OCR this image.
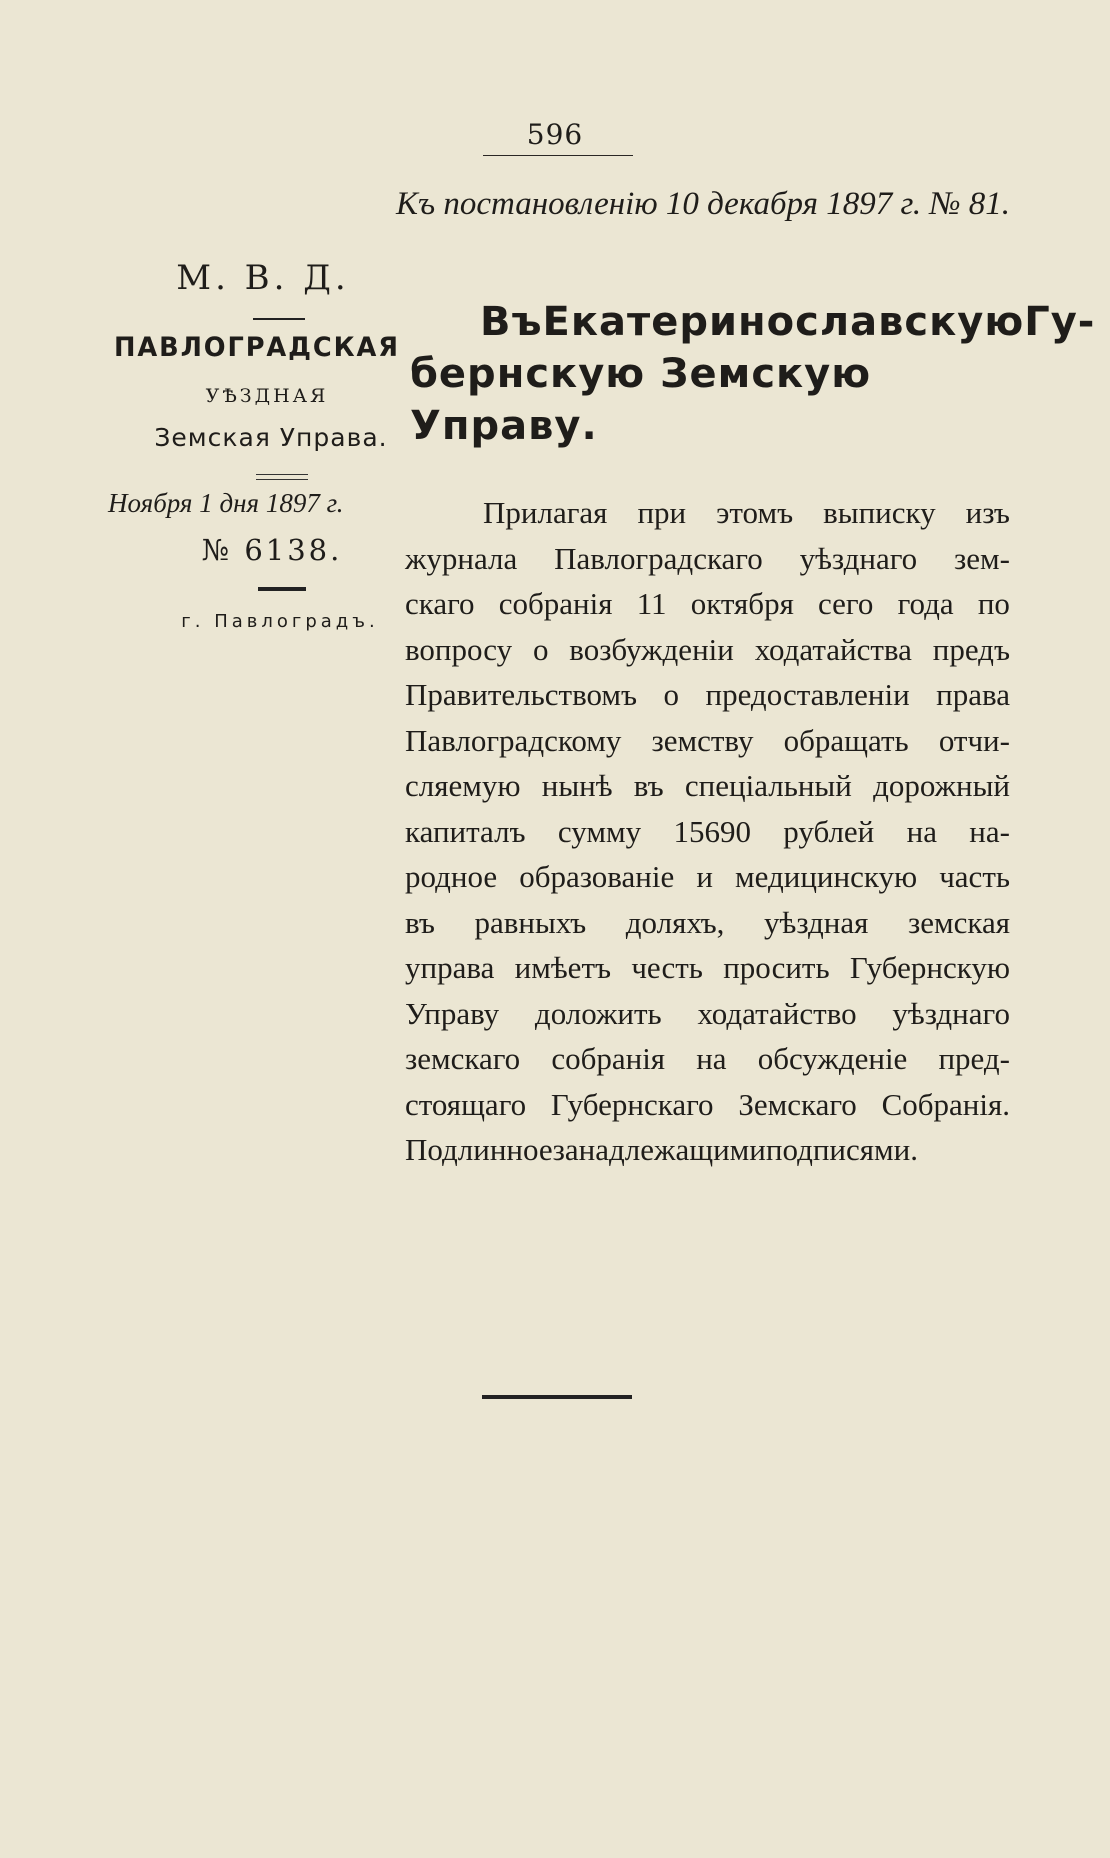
596
Къ постановленію 10 декабря 1897 г. № 81.
М. В. Д.
ПАВЛОГРАДСКАЯ
УѢЗДНАЯ
Земская Управа.
Ноября 1 дня 1897 г.
№ 6138.
г. Павлоградъ.
Въ Екатеринославскую Гу-
бернскую Земскую Управу.
Прилагая при этомъ выписку изъ
журнала Павлоградскаго уѣзднаго зем-
скаго собранія 11 октября сего года по
вопросу о возбужденіи ходатайства предъ
Правительствомъ о предоставленіи права
Павлоградскому земству обращать отчи-
сляемую нынѣ въ спеціальный дорожный
капиталъ сумму 15690 рублей на на-
родное образованіе и медицинскую часть
въ равныхъ доляхъ, уѣздная земская
управа имѣетъ честь просить Губернскую
Управу доложить ходатайство уѣзднаго
земскаго собранія на обсужденіе пред-
стоящаго Губернскаго Земскаго Собранія.
Подлинное за надлежащими подписями.
